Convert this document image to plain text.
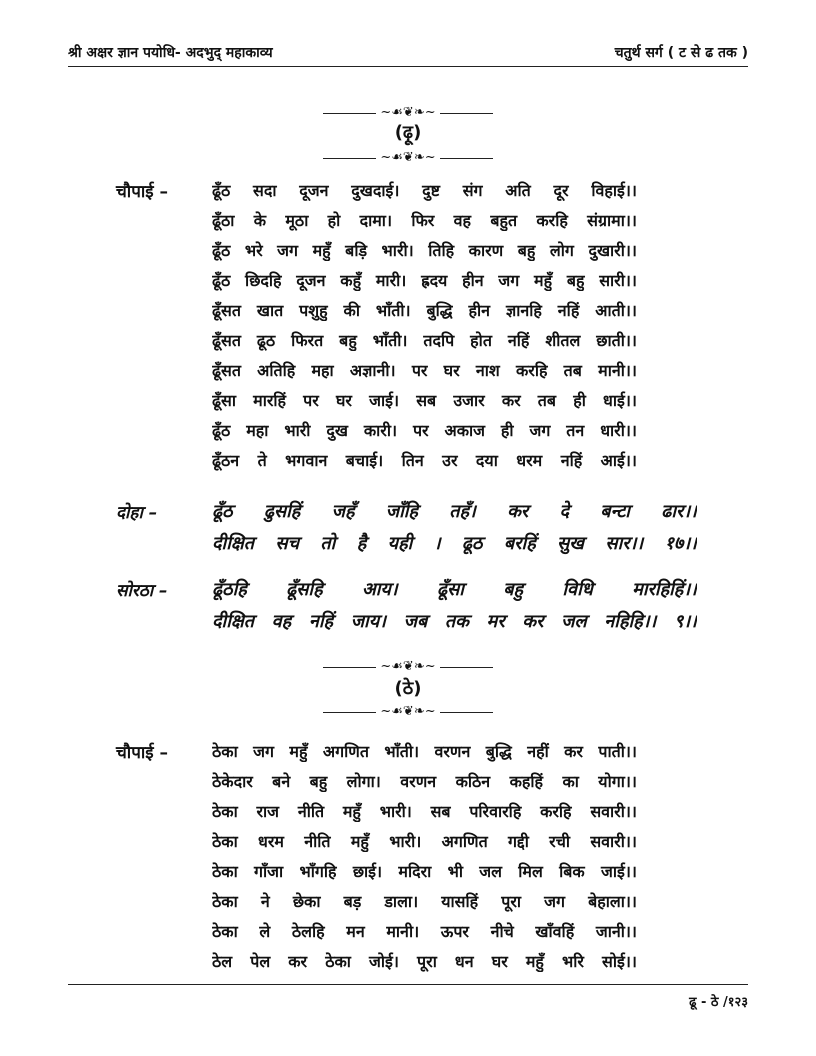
श्री अक्षर ज्ञान पयोधि- अदभुद् महाकाव्य	चतुर्थ सर्ग ( ट से ढ तक )
~☙❦❧~
(ढ़ू)
~☙❦❧~
चौपाई –	ढूँठ सदा दूजन दुखदाई। दुष्ट संग अति दूर विहाई।।
ढूँठा के मूठा हो दामा। फिर वह बहुत करहि संग्रामा।।
ढूँठ भरे जग महुँ बड़ि भारी। तिहि कारण बहु लोग दुखारी।।
ढूँठ छिदहि दूजन कहुँ मारी। ह्रदय हीन जग महुँ बहु सारी।।
ढूँसत खात पशुहु की भाँती। बुद्धि हीन ज्ञानहि नहिं आती।।
ढूँसत ढूठ फिरत बहु भाँती। तदपि होत नहिं शीतल छाती।।
ढूँसत अतिहि महा अज्ञानी। पर घर नाश करहि तब मानी।।
ढूँसा मारहिं पर घर जाई। सब उजार कर तब ही धाई।।
ढूँठ महा भारी दुख कारी। पर अकाज ही जग तन धारी।।
ढूँठन ते भगवान बचाई। तिन उर दया धरम नहिं आई।।
दोहा –	ढूँठ ढुसहिं जहँ जाँहि तहँ। कर दे बन्टा ढार।।
दीक्षित सच तो है यही । ढूठ बरहिं सुख सार।। १७।।
सोरठा – ढूँठहि ढूँसहि आय। ढूँसा बहु विधि मारहिहिं।।
दीक्षित वह नहिं जाय। जब तक मर कर जल नहिहि।। ९।।
~☙❦❧~
(ठे)
~☙❦❧~
चौपाई –	ठेका जग महुँ अगणित भाँती। वरणन बुद्धि नहीं कर पाती।।
ठेकेदार बने बहु लोगा। वरणन कठिन कहहिं का योगा।।
ठेका राज नीति महुँ भारी। सब परिवारहि करहि सवारी।।
ठेका धरम नीति महुँ भारी। अगणित गद्दी रची सवारी।।
ठेका गाँजा भाँगहि छाई। मदिरा भी जल मिल बिक जाई।।
ठेका ने छेका बड़ डाला। यासहिं पूरा जग बेहाला।।
ठेका ले ठेलहि मन मानी। ऊपर नीचे खाँवहिं जानी।।
ठेल पेल कर ठेका जोई। पूरा धन घर महुँ भरि सोई।।
ढू - ठे /१२३
